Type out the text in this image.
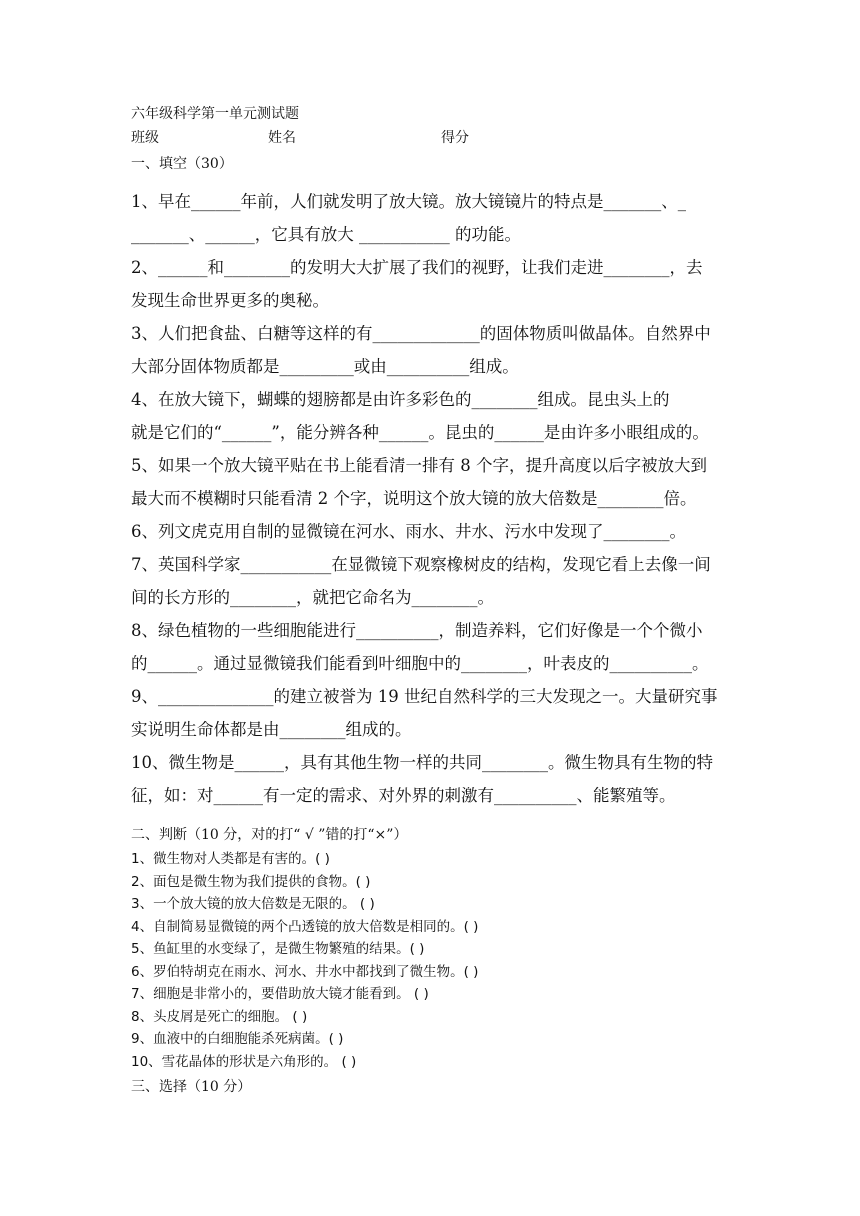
六年级科学第一单元测试题
班级	姓名	得分
一、填空（30）
1、早在______年前，人们就发明了放大镜。放大镜镜片的特点是_______、_
_______、______，它具有放大 ___________ 的功能。
2、______和________的发明大大扩展了我们的视野，让我们走进________，去
发现生命世界更多的奥秘。
3、人们把食盐、白糖等这样的有_____________的固体物质叫做晶体。自然界中
大部分固体物质都是_________或由__________组成。
4、在放大镜下，蝴蝶的翅膀都是由许多彩色的________组成。昆虫头上的
就是它们的“______”，能分辨各种______。昆虫的______是由许多小眼组成的。
5、如果一个放大镜平贴在书上能看清一排有 8 个字，提升高度以后字被放大到
最大而不模糊时只能看清 2 个字，说明这个放大镜的放大倍数是________倍。
6、列文虎克用自制的显微镜在河水、雨水、井水、污水中发现了________。
7、英国科学家___________在显微镜下观察橡树皮的结构，发现它看上去像一间
间的长方形的________，就把它命名为________。
8、绿色植物的一些细胞能进行__________，制造养料，它们好像是一个个微小
的______。通过显微镜我们能看到叶细胞中的________，叶表皮的__________。
9、______________的建立被誉为 19 世纪自然科学的三大发现之一。大量研究事
实说明生命体都是由________组成的。
10、微生物是______，具有其他生物一样的共同________。微生物具有生物的特
征，如：对______有一定的需求、对外界的刺激有__________、能繁殖等。
二、判断（10 分，对的打“ √ ”错的打“×”）
1、微生物对人类都是有害的。( )
2、面包是微生物为我们提供的食物。( )
3、一个放大镜的放大倍数是无限的。 ( )
4、自制简易显微镜的两个凸透镜的放大倍数是相同的。( )
5、鱼缸里的水变绿了，是微生物繁殖的结果。( )
6、罗伯特胡克在雨水、河水、井水中都找到了微生物。( )
7、细胞是非常小的，要借助放大镜才能看到。 ( )
8、头皮屑是死亡的细胞。 ( )
9、血液中的白细胞能杀死病菌。( )
10、雪花晶体的形状是六角形的。 ( )
三、选择（10 分）
